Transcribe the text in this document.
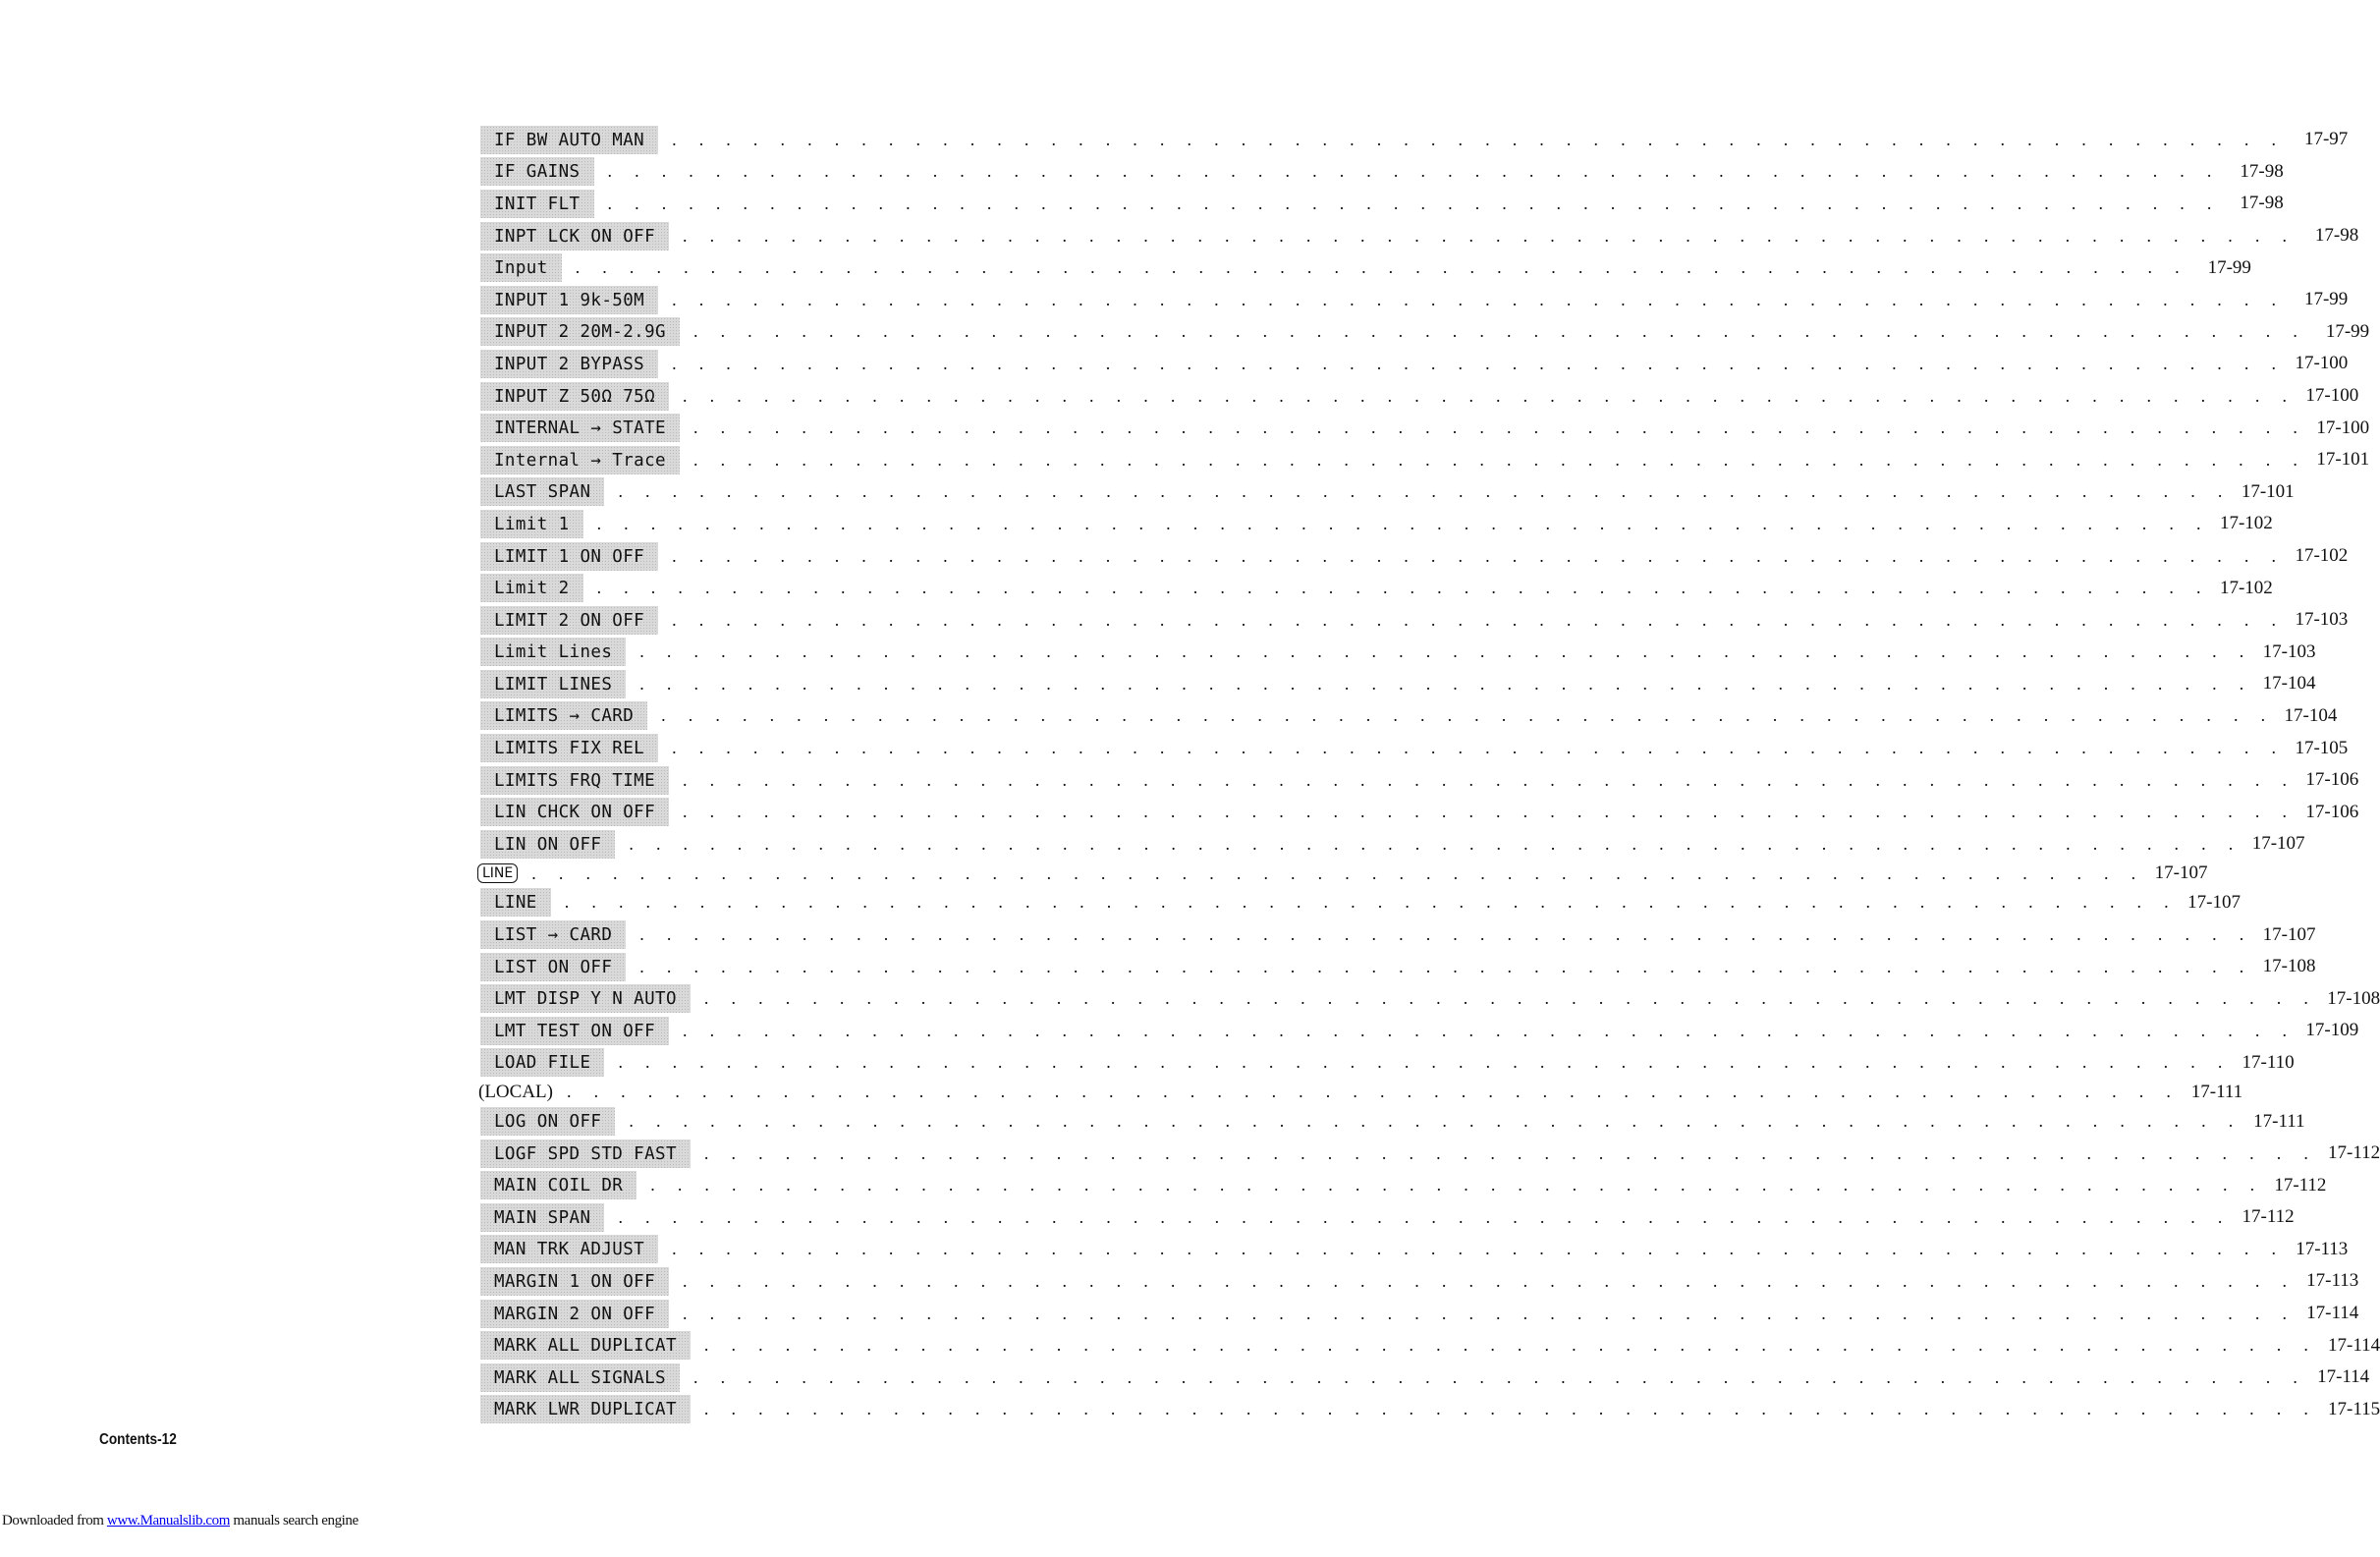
IF BW AUTO MAN	. . . . . . . . . . . . . . . . . . . . . . . . . . . . . . . . . . . . . . . . . . . . . . . . . . . . . . . . . . . .	17-97
IF GAINS	. . . . . . . . . . . . . . . . . . . . . . . . . . . . . . . . . . . . . . . . . . . . . . . . . . . . . . . . . . . .	17-98
INIT FLT	. . . . . . . . . . . . . . . . . . . . . . . . . . . . . . . . . . . . . . . . . . . . . . . . . . . . . . . . . . . .	17-98
INPT LCK ON OFF	. . . . . . . . . . . . . . . . . . . . . . . . . . . . . . . . . . . . . . . . . . . . . . . . . . . . . . . . . . . .	17-98
Input	. . . . . . . . . . . . . . . . . . . . . . . . . . . . . . . . . . . . . . . . . . . . . . . . . . . . . . . . . . . .	17-99
INPUT 1 9k-50M	. . . . . . . . . . . . . . . . . . . . . . . . . . . . . . . . . . . . . . . . . . . . . . . . . . . . . . . . . . . .	17-99
INPUT 2 20M-2.9G	. . . . . . . . . . . . . . . . . . . . . . . . . . . . . . . . . . . . . . . . . . . . . . . . . . . . . . . . . . . .	17-99
INPUT 2 BYPASS	. . . . . . . . . . . . . . . . . . . . . . . . . . . . . . . . . . . . . . . . . . . . . . . . . . . . . . . . . . . . 17-100
INPUT Z 50Ω 75Ω	. . . . . . . . . . . . . . . . . . . . . . . . . . . . . . . . . . . . . . . . . . . . . . . . . . . . . . . . . . . . 17-100
INTERNAL → STATE	. . . . . . . . . . . . . . . . . . . . . . . . . . . . . . . . . . . . . . . . . . . . . . . . . . . . . . . . . . . . 17-100
Internal → Trace	. . . . . . . . . . . . . . . . . . . . . . . . . . . . . . . . . . . . . . . . . . . . . . . . . . . . . . . . . . . . 17-101
LAST SPAN	. . . . . . . . . . . . . . . . . . . . . . . . . . . . . . . . . . . . . . . . . . . . . . . . . . . . . . . . . . . . 17-101
Limit 1	. . . . . . . . . . . . . . . . . . . . . . . . . . . . . . . . . . . . . . . . . . . . . . . . . . . . . . . . . . . . 17-102
LIMIT 1 ON OFF	. . . . . . . . . . . . . . . . . . . . . . . . . . . . . . . . . . . . . . . . . . . . . . . . . . . . . . . . . . . . 17-102
Limit 2	. . . . . . . . . . . . . . . . . . . . . . . . . . . . . . . . . . . . . . . . . . . . . . . . . . . . . . . . . . . . 17-102
LIMIT 2 ON OFF	. . . . . . . . . . . . . . . . . . . . . . . . . . . . . . . . . . . . . . . . . . . . . . . . . . . . . . . . . . . . 17-103
Limit Lines	. . . . . . . . . . . . . . . . . . . . . . . . . . . . . . . . . . . . . . . . . . . . . . . . . . . . . . . . . . . . 17-103
LIMIT LINES	. . . . . . . . . . . . . . . . . . . . . . . . . . . . . . . . . . . . . . . . . . . . . . . . . . . . . . . . . . . . 17-104
LIMITS → CARD	. . . . . . . . . . . . . . . . . . . . . . . . . . . . . . . . . . . . . . . . . . . . . . . . . . . . . . . . . . . . 17-104
LIMITS FIX REL	. . . . . . . . . . . . . . . . . . . . . . . . . . . . . . . . . . . . . . . . . . . . . . . . . . . . . . . . . . . . 17-105
LIMITS FRQ TIME	. . . . . . . . . . . . . . . . . . . . . . . . . . . . . . . . . . . . . . . . . . . . . . . . . . . . . . . . . . . . 17-106
LIN CHCK ON OFF	. . . . . . . . . . . . . . . . . . . . . . . . . . . . . . . . . . . . . . . . . . . . . . . . . . . . . . . . . . . . 17-106
LIN ON OFF	. . . . . . . . . . . . . . . . . . . . . . . . . . . . . . . . . . . . . . . . . . . . . . . . . . . . . . . . . . . . 17-107
LINE	. . . . . . . . . . . . . . . . . . . . . . . . . . . . . . . . . . . . . . . . . . . . . . . . . . . . . . . . . . . . 17-107
LINE	. . . . . . . . . . . . . . . . . . . . . . . . . . . . . . . . . . . . . . . . . . . . . . . . . . . . . . . . . . . . 17-107
LIST → CARD	. . . . . . . . . . . . . . . . . . . . . . . . . . . . . . . . . . . . . . . . . . . . . . . . . . . . . . . . . . . . 17-107
LIST ON OFF	. . . . . . . . . . . . . . . . . . . . . . . . . . . . . . . . . . . . . . . . . . . . . . . . . . . . . . . . . . . . 17-108
LMT DISP Y N AUTO	. . . . . . . . . . . . . . . . . . . . . . . . . . . . . . . . . . . . . . . . . . . . . . . . . . . . . . . . . . . . 17-108
LMT TEST ON OFF	. . . . . . . . . . . . . . . . . . . . . . . . . . . . . . . . . . . . . . . . . . . . . . . . . . . . . . . . . . . . 17-109
LOAD FILE	. . . . . . . . . . . . . . . . . . . . . . . . . . . . . . . . . . . . . . . . . . . . . . . . . . . . . . . . . . . . 17-110
(LOCAL) . . . . . . . . . . . . . . . . . . . . . . . . . . . . . . . . . . . . . . . . . . . . . . . . . . . . . . . . . . . . 17-111
LOG ON OFF	. . . . . . . . . . . . . . . . . . . . . . . . . . . . . . . . . . . . . . . . . . . . . . . . . . . . . . . . . . . . 17-111
LOGF SPD STD FAST	. . . . . . . . . . . . . . . . . . . . . . . . . . . . . . . . . . . . . . . . . . . . . . . . . . . . . . . . . . . . 17-112
MAIN COIL DR	. . . . . . . . . . . . . . . . . . . . . . . . . . . . . . . . . . . . . . . . . . . . . . . . . . . . . . . . . . . . 17-112
MAIN SPAN	. . . . . . . . . . . . . . . . . . . . . . . . . . . . . . . . . . . . . . . . . . . . . . . . . . . . . . . . . . . . 17-112
MAN TRK ADJUST	. . . . . . . . . . . . . . . . . . . . . . . . . . . . . . . . . . . . . . . . . . . . . . . . . . . . . . . . . . . . 17-113
MARGIN 1 ON OFF	. . . . . . . . . . . . . . . . . . . . . . . . . . . . . . . . . . . . . . . . . . . . . . . . . . . . . . . . . . . . 17-113
MARGIN 2 ON OFF	. . . . . . . . . . . . . . . . . . . . . . . . . . . . . . . . . . . . . . . . . . . . . . . . . . . . . . . . . . . . 17-114
MARK ALL DUPLICAT	. . . . . . . . . . . . . . . . . . . . . . . . . . . . . . . . . . . . . . . . . . . . . . . . . . . . . . . . . . . . 17-114
MARK ALL SIGNALS	. . . . . . . . . . . . . . . . . . . . . . . . . . . . . . . . . . . . . . . . . . . . . . . . . . . . . . . . . . . . 17-114
MARK LWR DUPLICAT	. . . . . . . . . . . . . . . . . . . . . . . . . . . . . . . . . . . . . . . . . . . . . . . . . . . . . . . . . . . . 17-115
Contents-12
Downloaded from www.Manualslib.com manuals search engine
